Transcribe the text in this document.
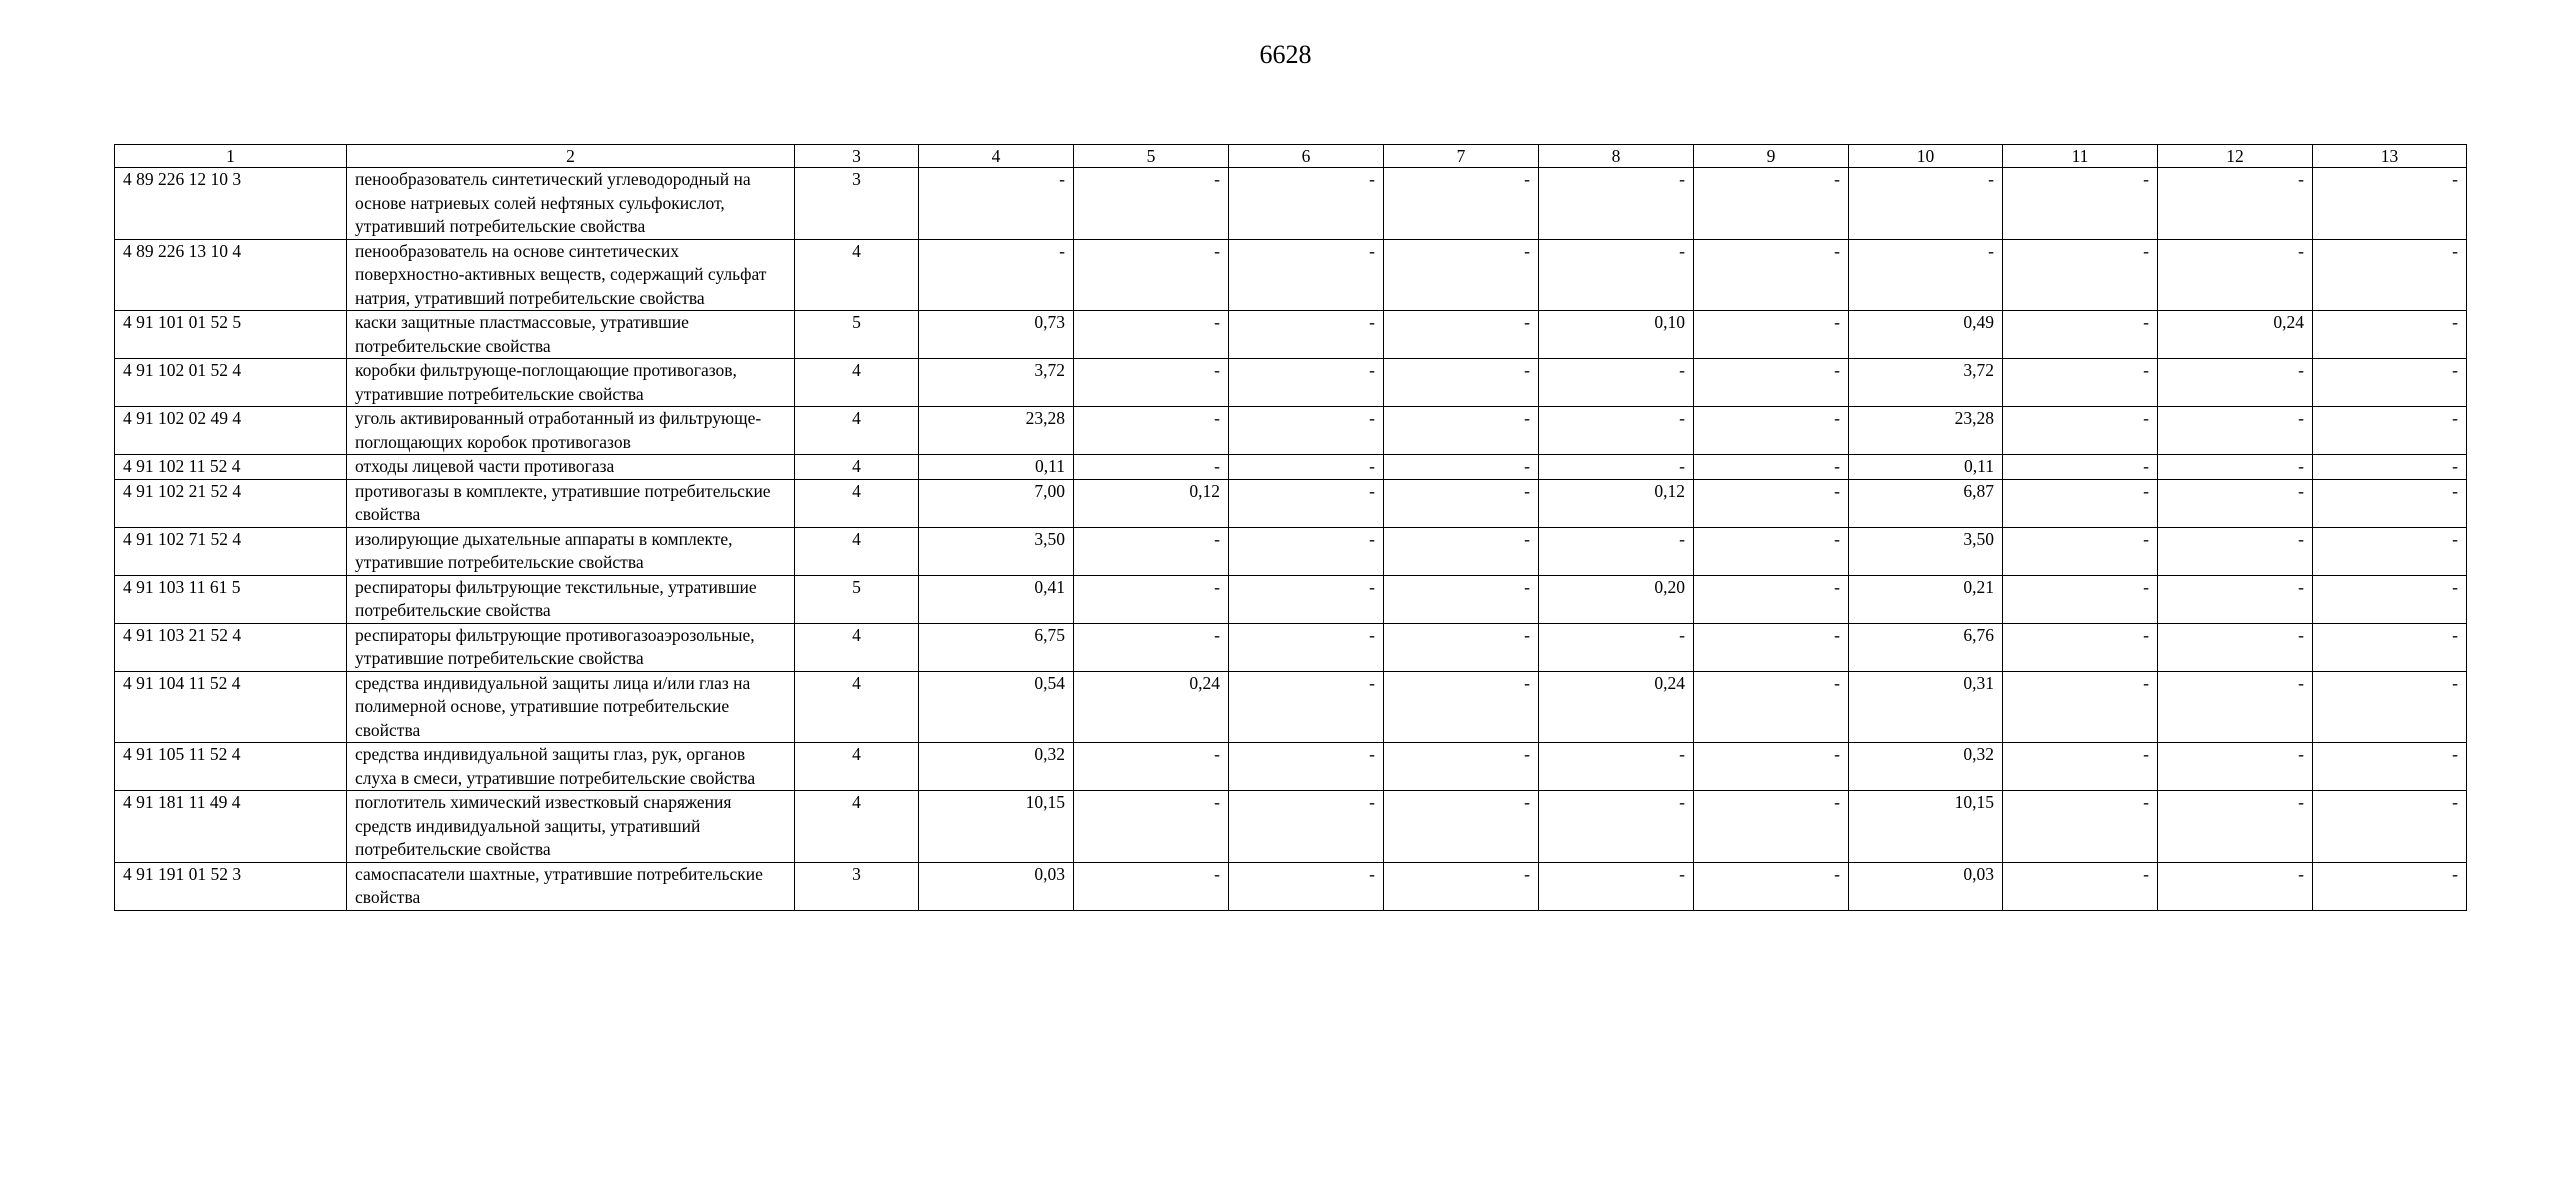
6628
1	2	3	4	5	6	7	8	9	10	11	12	13
4 89 226 12 10 3	пенообразователь синтетический углеводородный на основе натриевых солей нефтяных сульфокислот, утративший потребительские свойства	3	-	-	-	-	-	-	-	-	-	-
4 89 226 13 10 4	пенообразователь на основе синтетических поверхностно-активных веществ, содержащий сульфат натрия, утративший потребительские свойства	4	-	-	-	-	-	-	-	-	-	-
4 91 101 01 52 5	каски защитные пластмассовые, утратившие потребительские свойства	5	0,73	-	-	-	0,10	-	0,49	-	0,24	-
4 91 102 01 52 4	коробки фильтрующе-поглощающие противогазов, утратившие потребительские свойства	4	3,72	-	-	-	-	-	3,72	-	-	-
4 91 102 02 49 4	уголь активированный отработанный из фильтрующе-поглощающих коробок противогазов	4	23,28	-	-	-	-	-	23,28	-	-	-
4 91 102 11 52 4	отходы лицевой части противогаза	4	0,11	-	-	-	-	-	0,11	-	-	-
4 91 102 21 52 4	противогазы в комплекте, утратившие потребительские свойства	4	7,00	0,12	-	-	0,12	-	6,87	-	-	-
4 91 102 71 52 4	изолирующие дыхательные аппараты в комплекте, утратившие потребительские свойства	4	3,50	-	-	-	-	-	3,50	-	-	-
4 91 103 11 61 5	респираторы фильтрующие текстильные, утратившие потребительские свойства	5	0,41	-	-	-	0,20	-	0,21	-	-	-
4 91 103 21 52 4	респираторы фильтрующие противогазоаэрозольные, утратившие потребительские свойства	4	6,75	-	-	-	-	-	6,76	-	-	-
4 91 104 11 52 4	средства индивидуальной защиты лица и/или глаз на полимерной основе, утратившие потребительские свойства	4	0,54	0,24	-	-	0,24	-	0,31	-	-	-
4 91 105 11 52 4	средства индивидуальной защиты глаз, рук, органов слуха в смеси, утратившие потребительские свойства	4	0,32	-	-	-	-	-	0,32	-	-	-
4 91 181 11 49 4	поглотитель химический известковый снаряжения средств индивидуальной защиты, утративший потребительские свойства	4	10,15	-	-	-	-	-	10,15	-	-	-
4 91 191 01 52 3	самоспасатели шахтные, утратившие потребительские свойства	3	0,03	-	-	-	-	-	0,03	-	-	-
